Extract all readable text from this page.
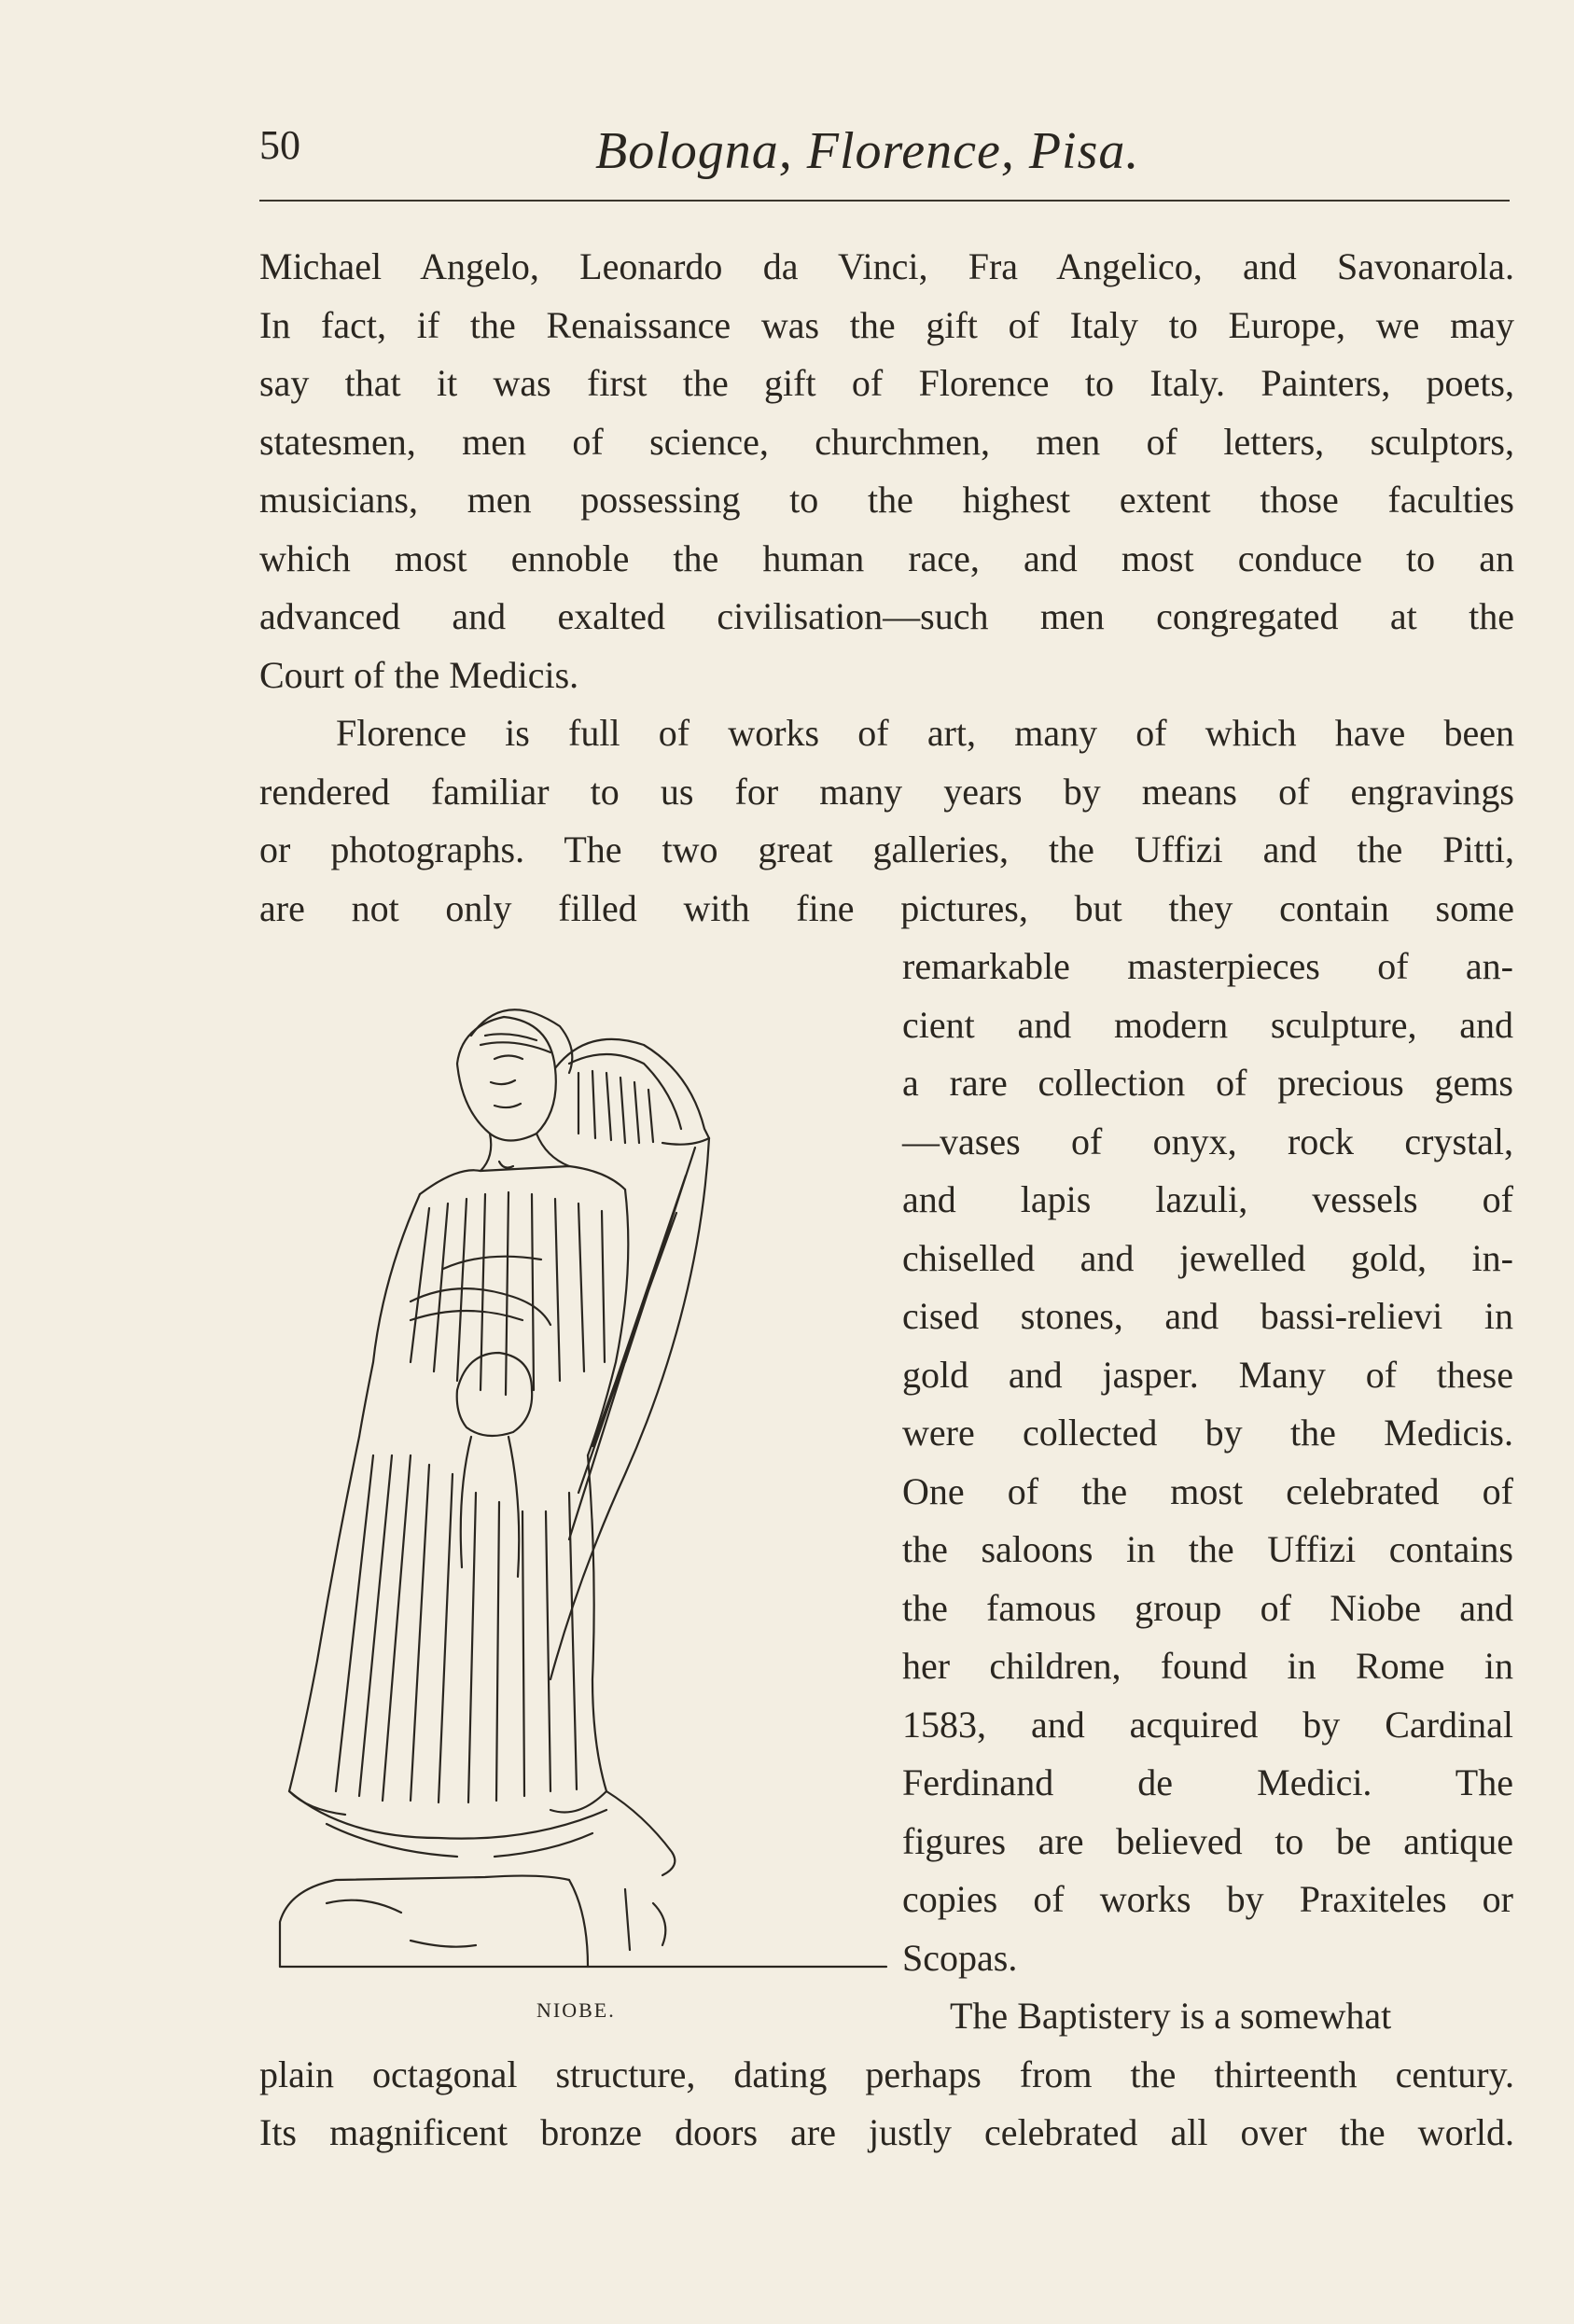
50	Bologna, Florence, Pisa.
Michael Angelo, Leonardo da Vinci, Fra Angelico, and Savonarola.
In fact, if the Renaissance was the gift of Italy to Europe, we may
say that it was first the gift of Florence to Italy. Painters, poets,
statesmen, men of science, churchmen, men of letters, sculptors,
musicians, men possessing to the highest extent those faculties
which most ennoble the human race, and most conduce to an
advanced and exalted civilisation—such men congregated at the
Court of the Medicis.
Florence is full of works of art, many of which have been
rendered familiar to us for many years by means of engravings
or photographs. The two great galleries, the Uffizi and the Pitti,
are not only filled with fine pictures, but they contain some
remarkable masterpieces of an-
cient and modern sculpture, and
a rare collection of precious gems
—vases of onyx, rock crystal,
and lapis lazuli, vessels of
chiselled and jewelled gold, in-
cised stones, and bassi-relievi in
gold and jasper. Many of these
were collected by the Medicis.
One of the most celebrated of
the saloons in the Uffizi contains
the famous group of Niobe and
her children, found in Rome in
1583, and acquired by Cardinal
Ferdinand de Medici. The
figures are believed to be antique
copies of works by Praxiteles or
Scopas.
NIOBE.	The Baptistery is a somewhat
plain octagonal structure, dating perhaps from the thirteenth century.
Its magnificent bronze doors are justly celebrated all over the world.
